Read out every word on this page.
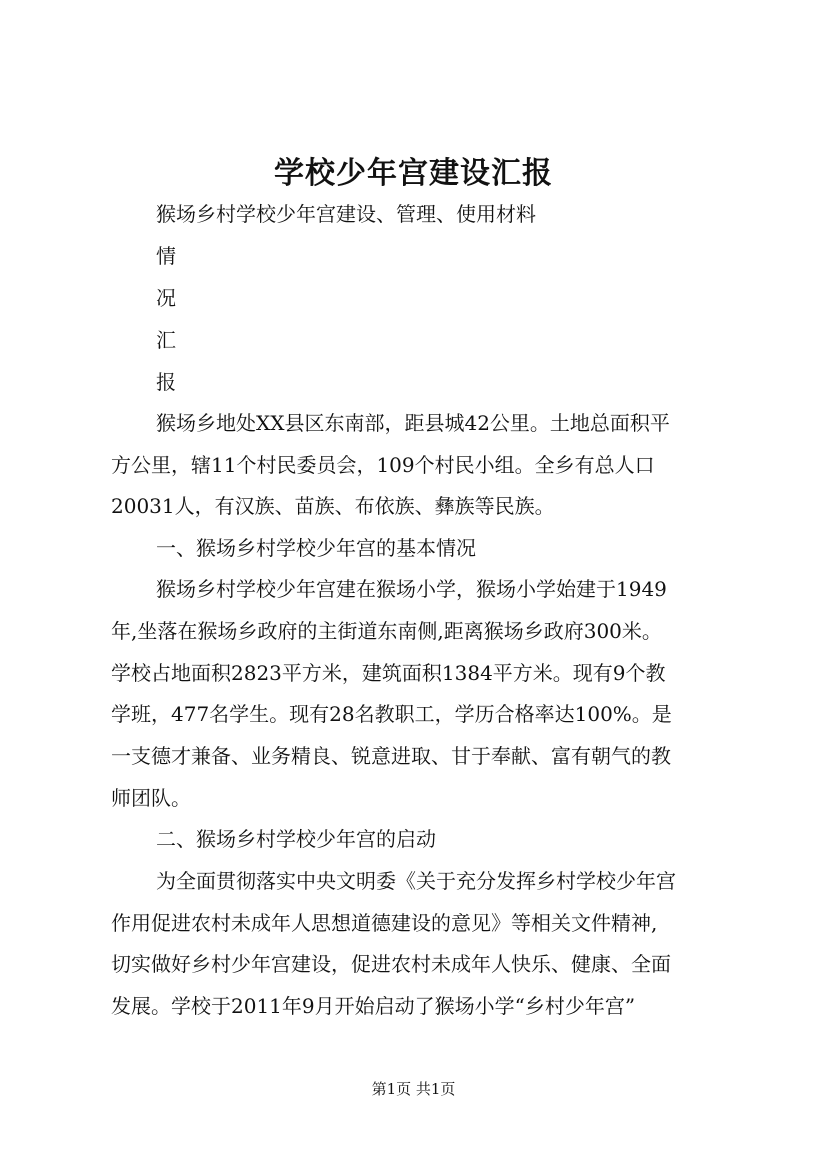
学校少年宫建设汇报
猴场乡村学校少年宫建设、管理、使用材料
情
况
汇
报
猴场乡地处XX县区东南部，距县城42公里。土地总面积平
方公里，辖11个村民委员会，109个村民小组。全乡有总人口
20031人，有汉族、苗族、布依族、彝族等民族。
一、猴场乡村学校少年宫的基本情况
猴场乡村学校少年宫建在猴场小学，猴场小学始建于1949
年,坐落在猴场乡政府的主街道东南侧,距离猴场乡政府300米。
学校占地面积2823平方米，建筑面积1384平方米。现有9个教
学班，477名学生。现有28名教职工，学历合格率达100%。是
一支德才兼备、业务精良、锐意进取、甘于奉献、富有朝气的教
师团队。
二、猴场乡村学校少年宫的启动
为全面贯彻落实中央文明委《关于充分发挥乡村学校少年宫
作用促进农村未成年人思想道德建设的意见》等相关文件精神,
切实做好乡村少年宫建设，促进农村未成年人快乐、健康、全面
发展。学校于2011年9月开始启动了猴场小学“乡村少年宫”
第1页 共1页
